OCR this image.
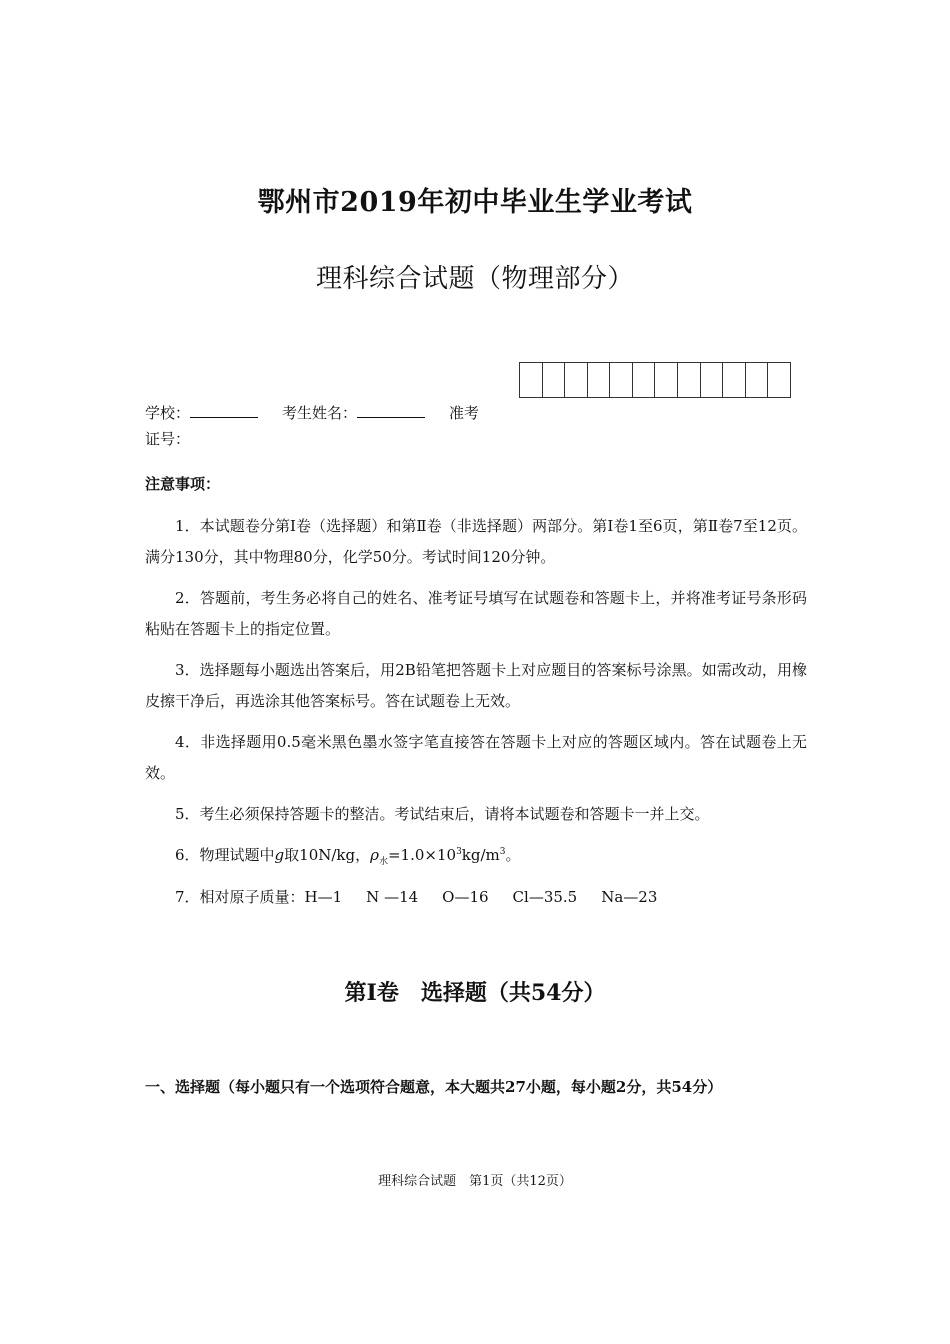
鄂州市2019年初中毕业生学业考试
理科综合试题（物理部分）
学校：	考生姓名：	准考
证号：
注意事项：
1．本试题卷分第Ⅰ卷（选择题）和第Ⅱ卷（非选择题）两部分。第Ⅰ卷1至6页，第Ⅱ卷7至12页。满分130分，其中物理80分，化学50分。考试时间120分钟。
2．答题前，考生务必将自己的姓名、准考证号填写在试题卷和答题卡上，并将准考证号条形码粘贴在答题卡上的指定位置。
3．选择题每小题选出答案后，用2B铅笔把答题卡上对应题目的答案标号涂黑。如需改动，用橡皮擦干净后，再选涂其他答案标号。答在试题卷上无效。
4．非选择题用0.5毫米黑色墨水签字笔直接答在答题卡上对应的答题区域内。答在试题卷上无效。
5．考生必须保持答题卡的整洁。考试结束后，请将本试题卷和答题卡一并上交。
6．物理试题中g取10N/kg，$\rho_水=1.0\times 10^3kg/m^3$。
7．相对原子质量：H—1 N —14 O—16 Cl—35.5 Na—23
第Ⅰ卷　选择题（共54分）
一、选择题（每小题只有一个选项符合题意，本大题共27小题，每小题2分，共54分）
理科综合试题　第1页（共12页）
